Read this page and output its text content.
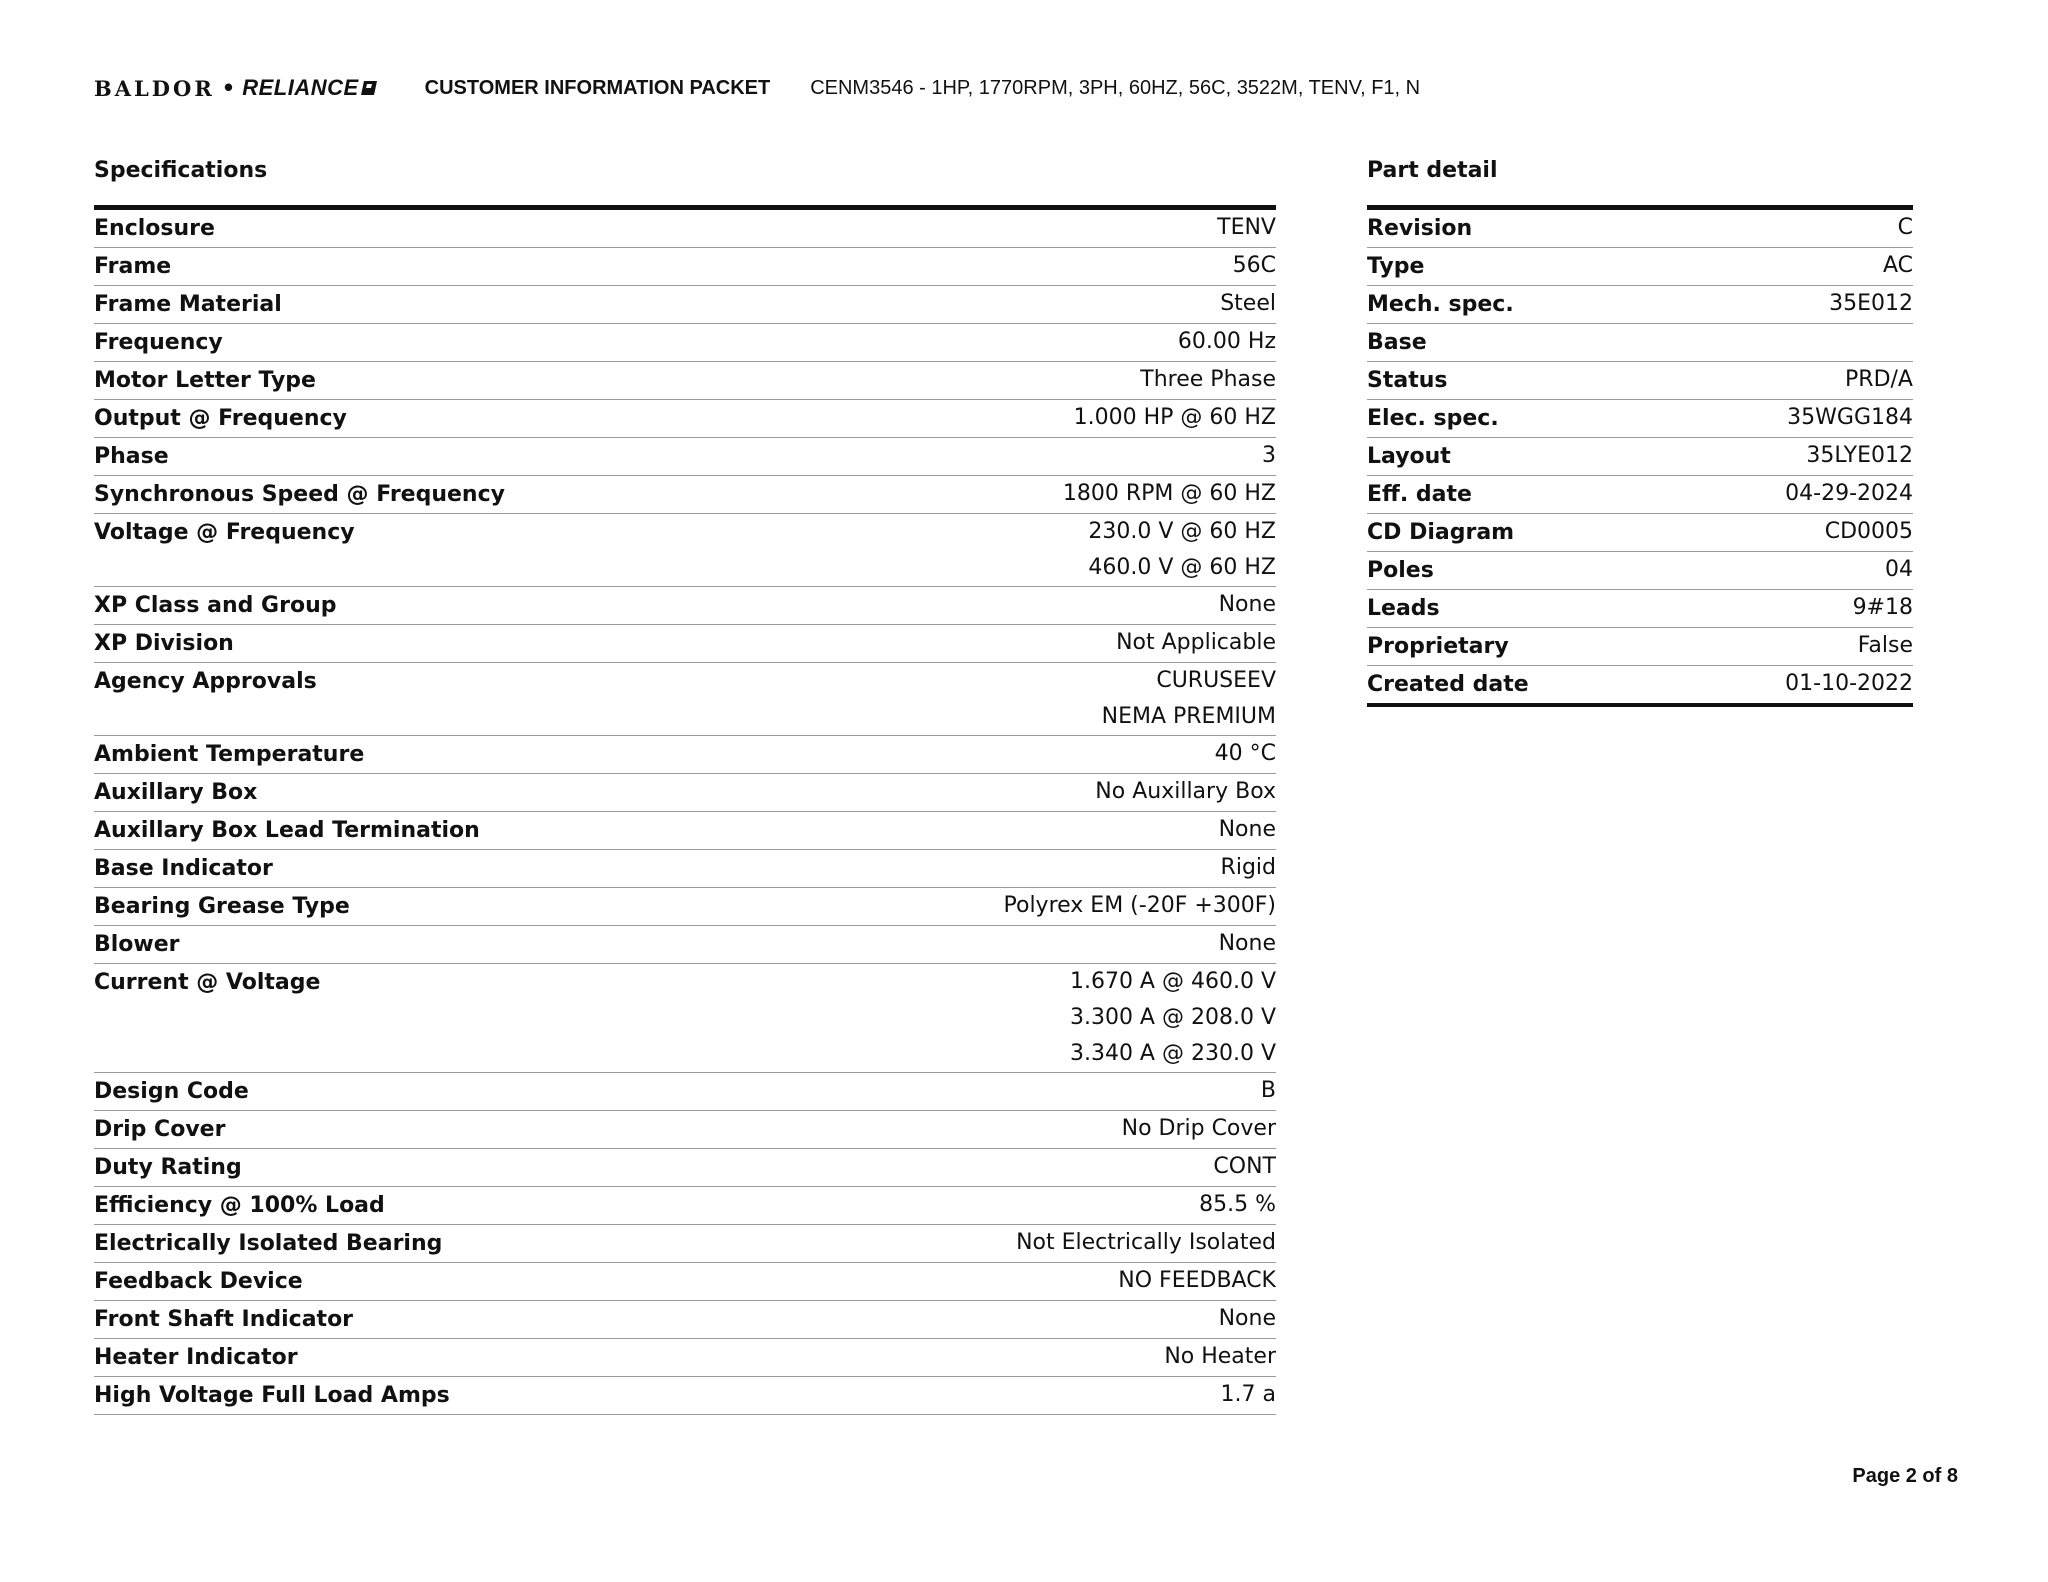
BALDOR • RELIANCE	CUSTOMER INFORMATION PACKET CENM3546 - 1HP, 1770RPM, 3PH, 60HZ, 56C, 3522M, TENV, F1, N
Specifications
Enclosure	TENV

Frame	56C

Frame Material	Steel

Frequency	60.00 Hz

Motor Letter Type	Three Phase

Output @ Frequency	1.000 HP @ 60 HZ

Phase	3

Synchronous Speed @ Frequency	1800 RPM @ 60 HZ

Voltage @ Frequency	230.0 V @ 60 HZ
460.0 V @ 60 HZ

XP Class and Group	None

XP Division	Not Applicable

Agency Approvals	CURUSEEV
NEMA PREMIUM

Ambient Temperature	40 °C

Auxillary Box	No Auxillary Box

Auxillary Box Lead Termination	None

Base Indicator	Rigid

Bearing Grease Type	Polyrex EM (-20F +300F)

Blower	None

Current @ Voltage	1.670 A @ 460.0 V
3.300 A @ 208.0 V
3.340 A @ 230.0 V

Design Code	B

Drip Cover	No Drip Cover

Duty Rating	CONT

Efficiency @ 100% Load	85.5 %

Electrically Isolated Bearing	Not Electrically Isolated

Feedback Device	NO FEEDBACK

Front Shaft Indicator	None

Heater Indicator	No Heater

High Voltage Full Load Amps	1.7 a
Part detail
Revision	C

Type	AC

Mech. spec.	35E012

Base	

Status	PRD/A

Elec. spec.	35WGG184

Layout	35LYE012

Eff. date	04-29-2024

CD Diagram	CD0005

Poles	04

Leads	9#18

Proprietary	False

Created date	01-10-2022
Page 2 of 8
